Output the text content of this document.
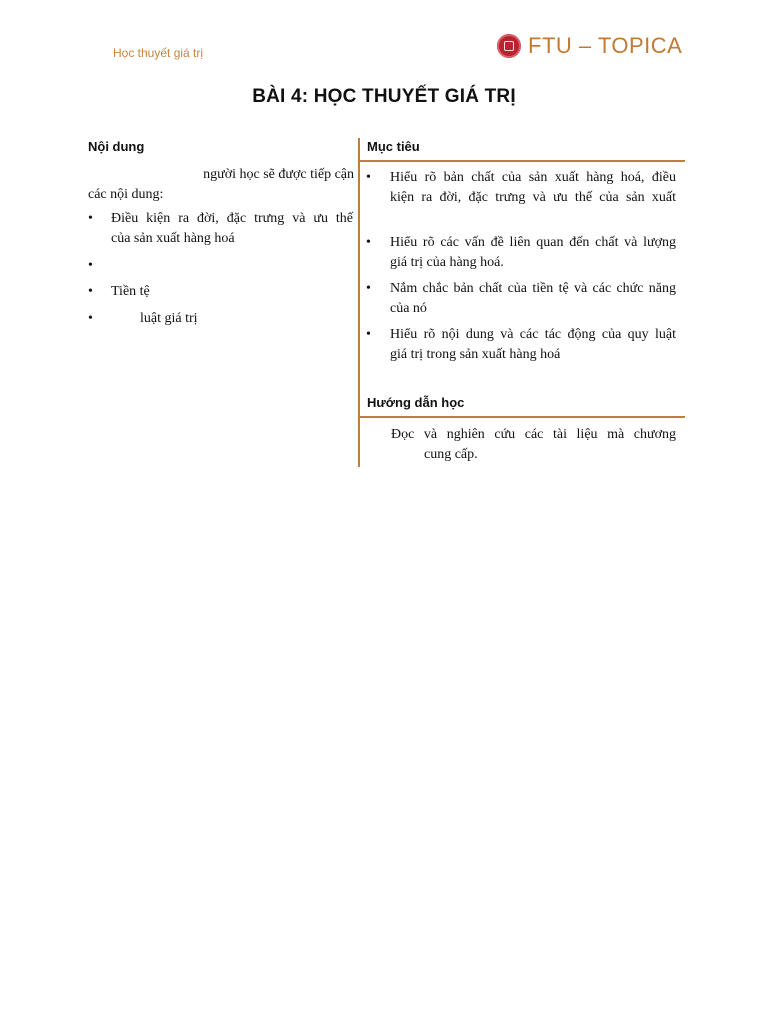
Học thuyết giá trị	FTU – TOPICA
BÀI 4: HỌC THUYẾT GIÁ TRỊ
Nội dung
người học sẽ được tiếp cận
các nội dung:
• Điều kiện ra đời, đặc trưng và ưu thế
của sản xuất hàng hoá
•
• Tiền tệ
•	luật giá trị
Mục tiêu
• Hiểu rõ bản chất của sản xuất hàng hoá, điều
kiện ra đời, đặc trưng và ưu thế của sản xuất
• Hiểu rõ các vấn đề liên quan đến chất và lượng
giá trị của hàng hoá.
• Nắm chắc bản chất của tiền tệ và các chức năng
của nó
• Hiểu rõ nội dung và các tác động của quy luật
giá trị trong sản xuất hàng hoá
Hướng dẫn học
Đọc và nghiên cứu các tài liệu mà chương
cung cấp.
